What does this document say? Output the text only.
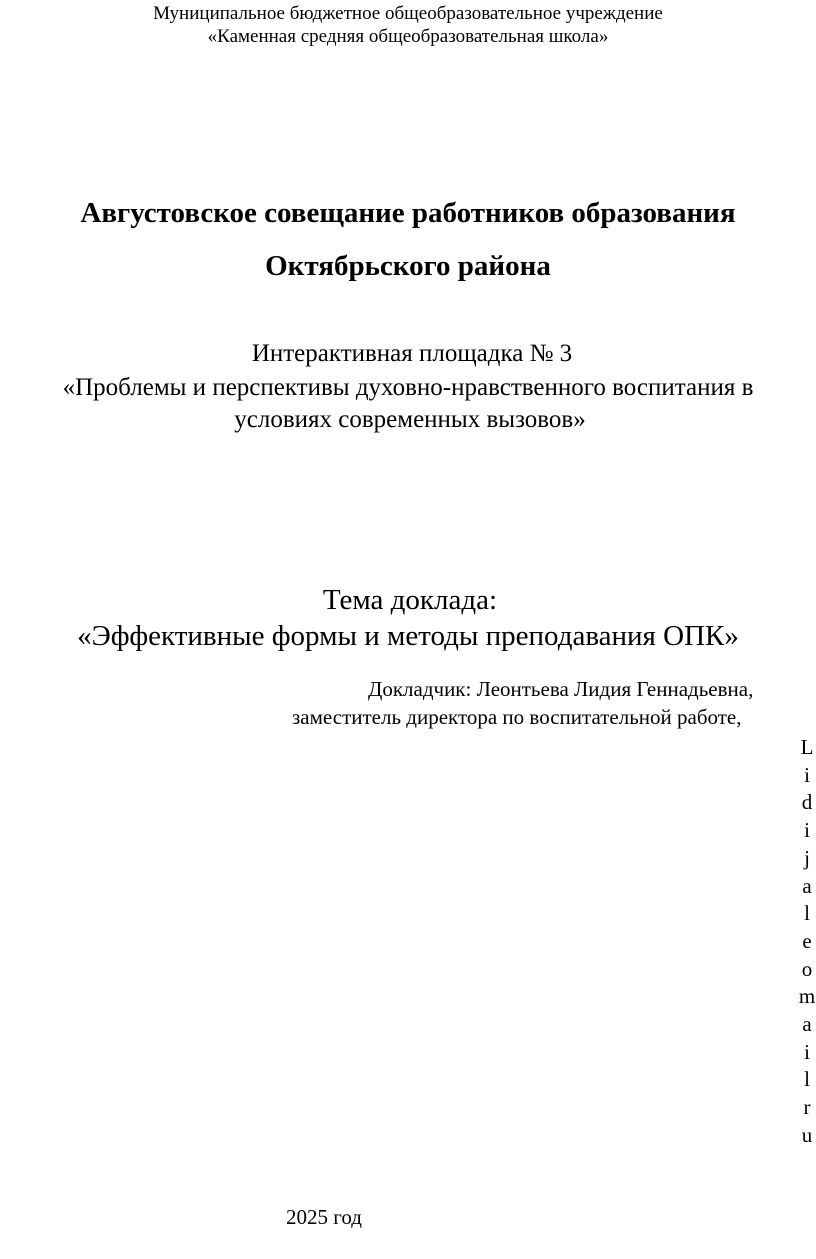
Муниципальное бюджетное общеобразовательное учреждение
«Каменная средняя общеобразовательная школа»
Августовское совещание работников образования
Октябрьского района
Интерактивная площадка № 3
«Проблемы и перспективы духовно-нравственного воспитания в
условиях современных вызовов»
Тема доклада:
«Эффективные формы и методы преподавания ОПК»
Докладчик: Леонтьева Лидия Геннадьевна,
заместитель директора по воспитательной работе,
L
i
d
i
j
a
l
e
o
m
a
i
l
r
u
2025 год
